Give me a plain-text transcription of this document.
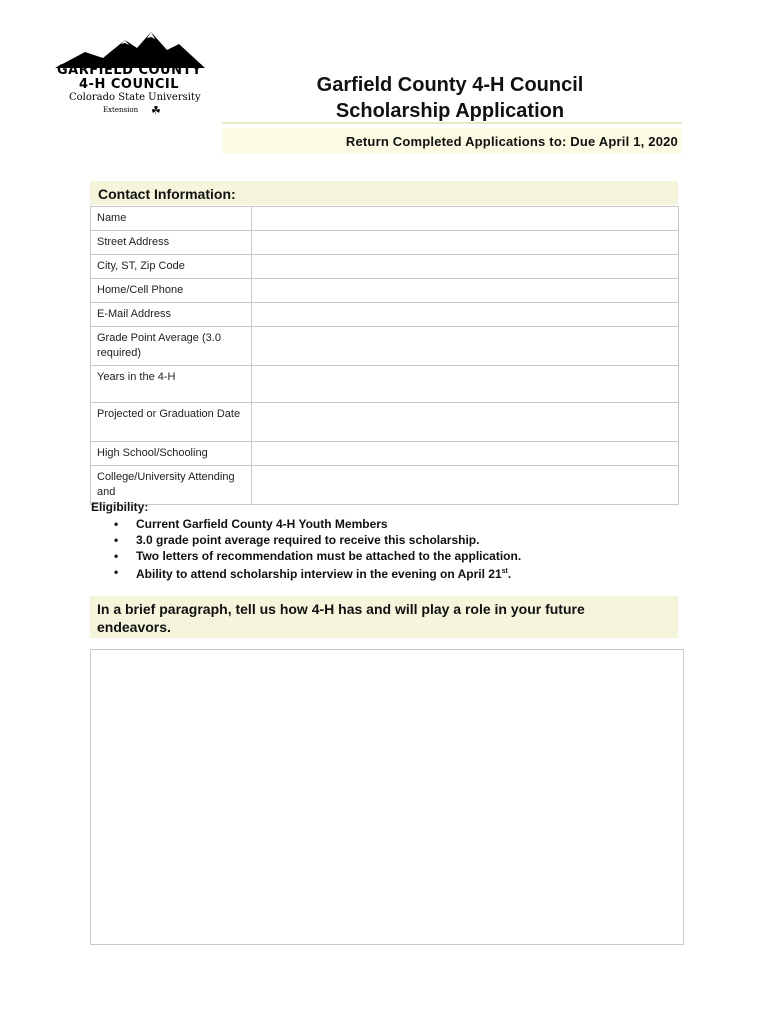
GARFIELD COUNTY
4-H COUNCIL
Colorado State University
Extension	☘
Garfield County 4-H Council
Scholarship Application
Return Completed Applications to: Due April 1, 2020
Contact Information:
Name	
Street Address	
City, ST, Zip Code	
Home/Cell Phone	
E-Mail Address	
Grade Point Average (3.0 required)	
Years in the 4-H	
Projected or Graduation Date	
High School/Schooling	
College/University Attending and	
Eligibility:
• Current Garfield County 4-H Youth Members
• 3.0 grade point average required to receive this scholarship.
• Two letters of recommendation must be attached to the application.
• Ability to attend scholarship interview in the evening on April 21st.
In a brief paragraph, tell us how 4-H has and will play a role in your future endeavors.
